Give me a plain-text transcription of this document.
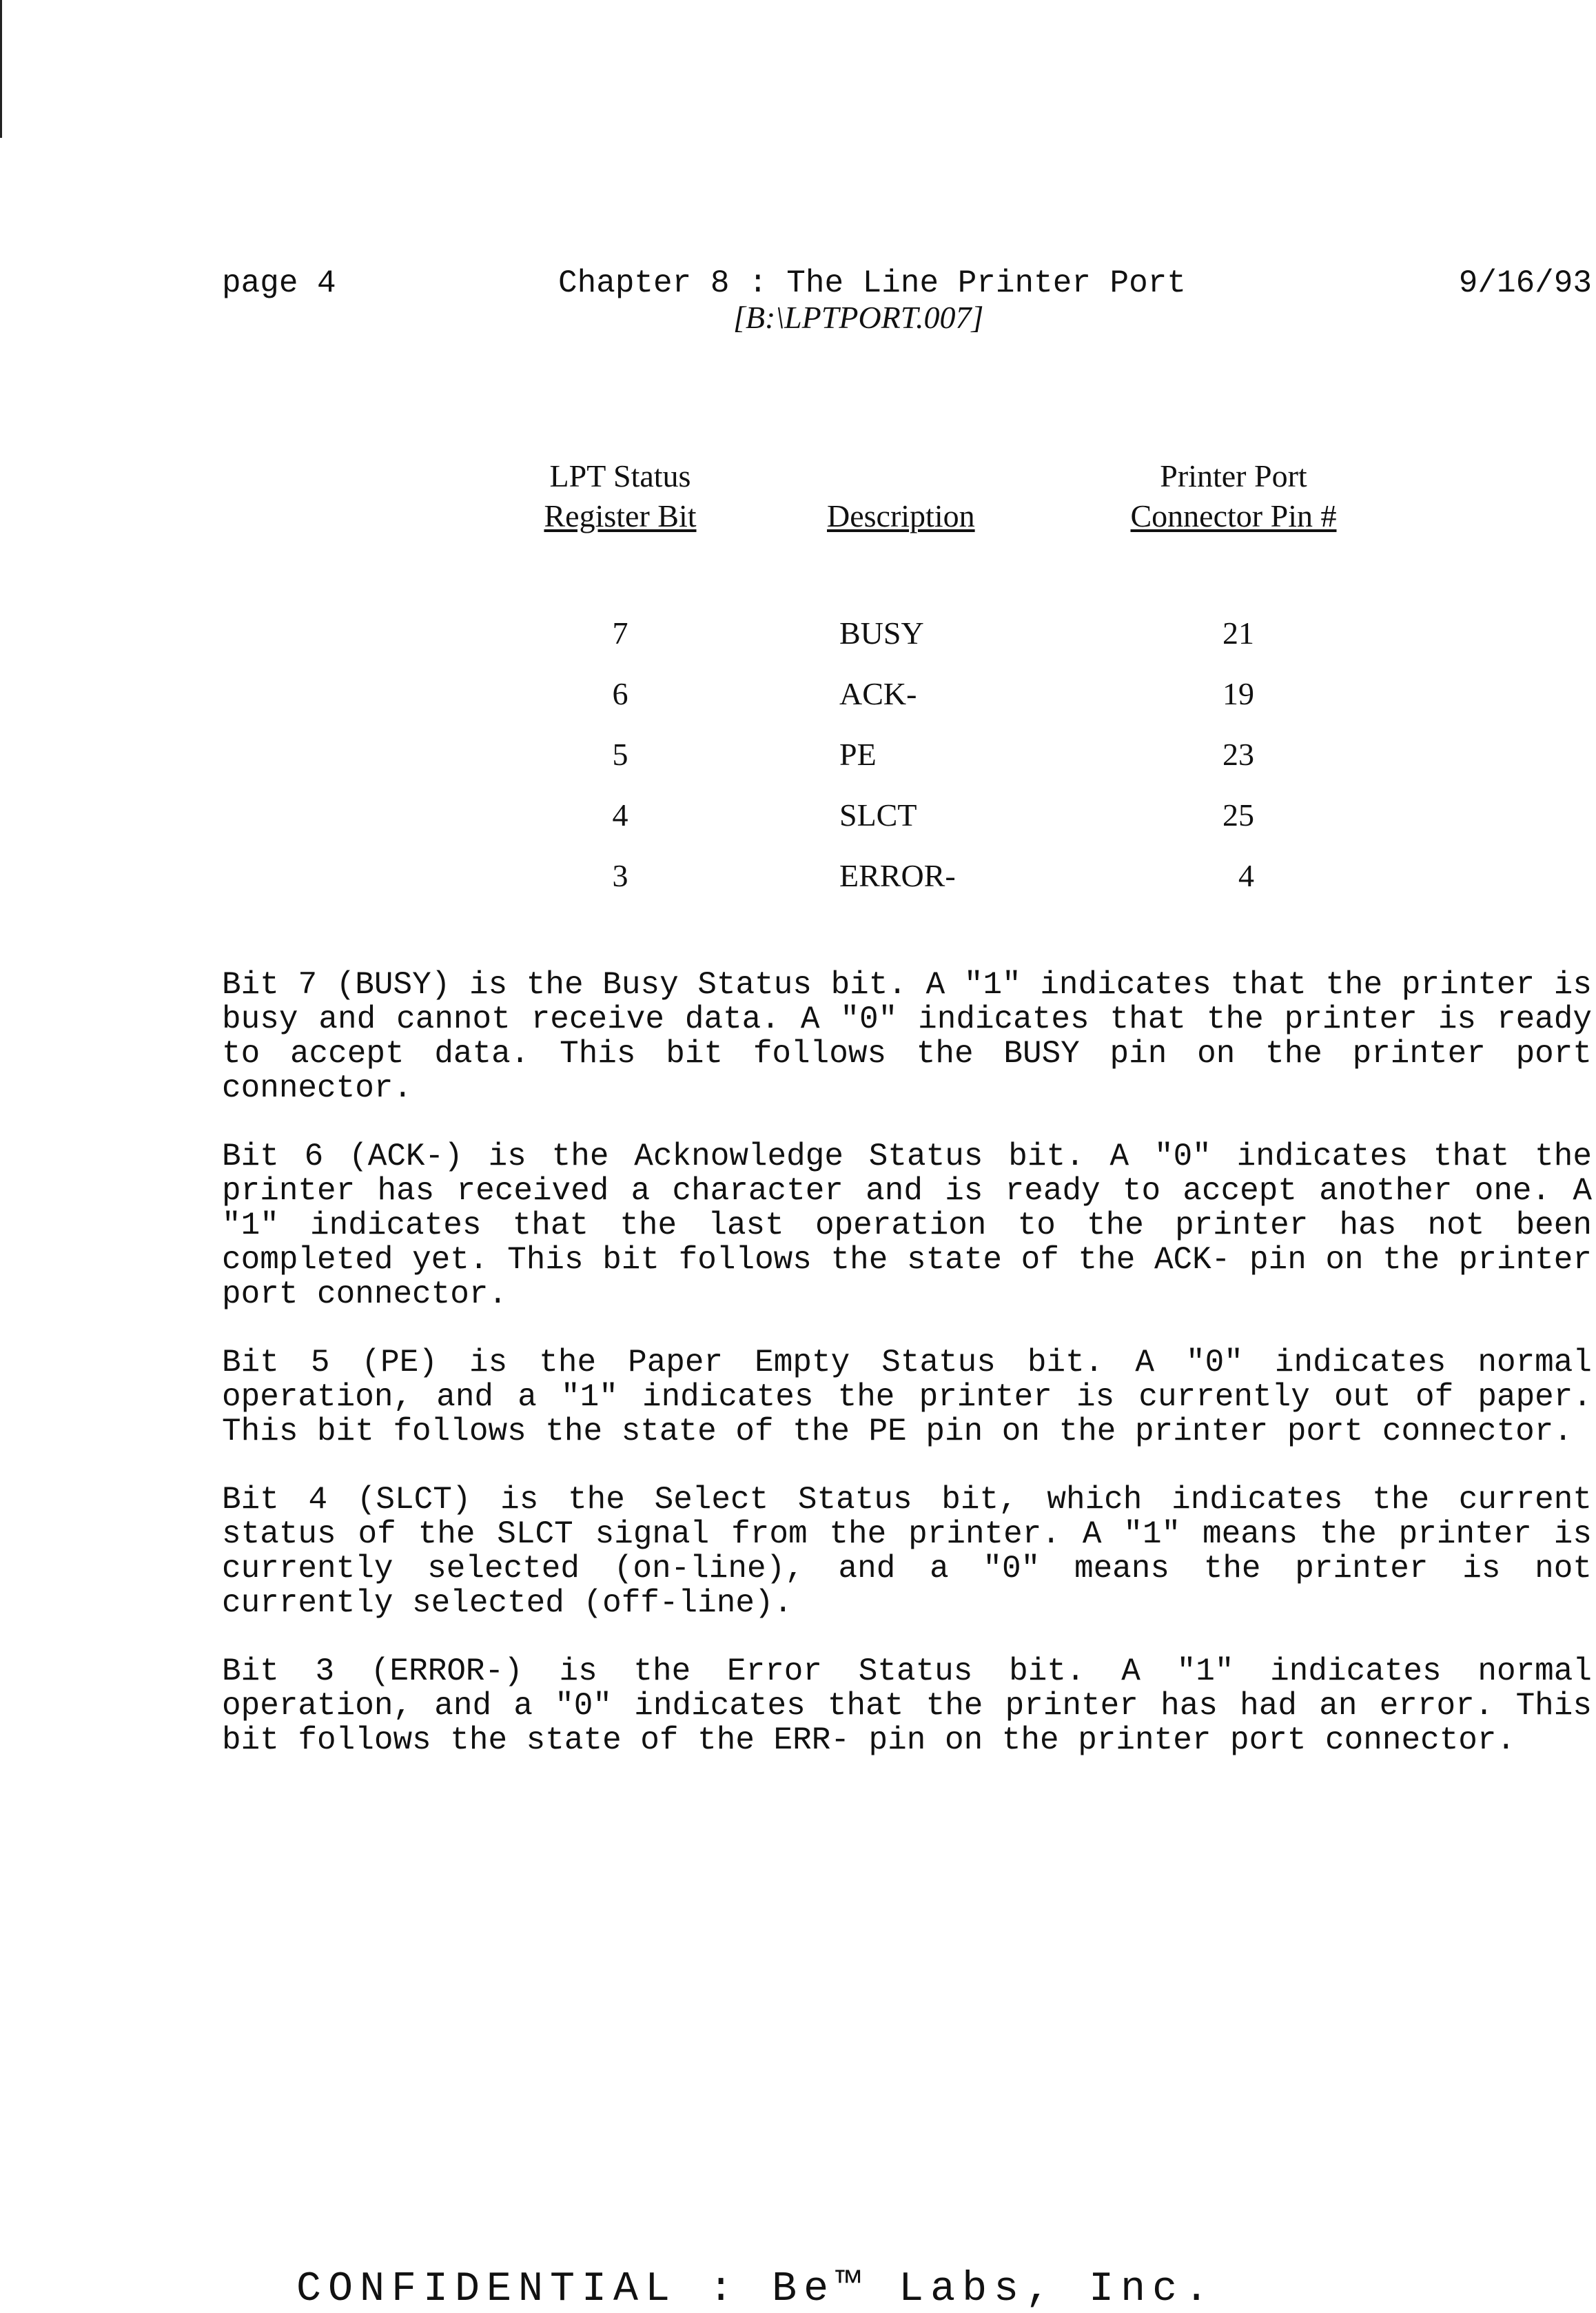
page 4	Chapter 8 : The Line Printer Port
[B:\LPTPORT.007]
9/16/93
LPT Status
Register Bit	Description
Printer Port
Connector Pin #
7	BUSY	21
6	ACK-	19
5	PE	23
4	SLCT	25
3	ERROR-	4

Bit 7 (BUSY) is the Busy Status bit. A "1" indicates that the printer is busy and cannot receive data. A "0" indicates that the printer is ready to accept data. This bit follows the BUSY pin on the printer port connector.

Bit 6 (ACK-) is the Acknowledge Status bit. A "0" indicates that the printer has received a character and is ready to accept another one. A "1" indicates that the last operation to the printer has not been completed yet. This bit follows the state of the ACK- pin on the printer port connector.

Bit 5 (PE) is the Paper Empty Status bit. A "0" indicates normal operation, and a "1" indicates the printer is currently out of paper. This bit follows the state of the PE pin on the printer port connector.

Bit 4 (SLCT) is the Select Status bit, which indicates the current status of the SLCT signal from the printer. A "1" means the printer is currently selected (on-line), and a "0" means the printer is not currently selected (off-line).

Bit 3 (ERROR-) is the Error Status bit. A "1" indicates normal operation, and a "0" indicates that the printer has had an error. This bit follows the state of the ERR- pin on the printer port connector.

CONFIDENTIAL : Be™ Labs, Inc.
